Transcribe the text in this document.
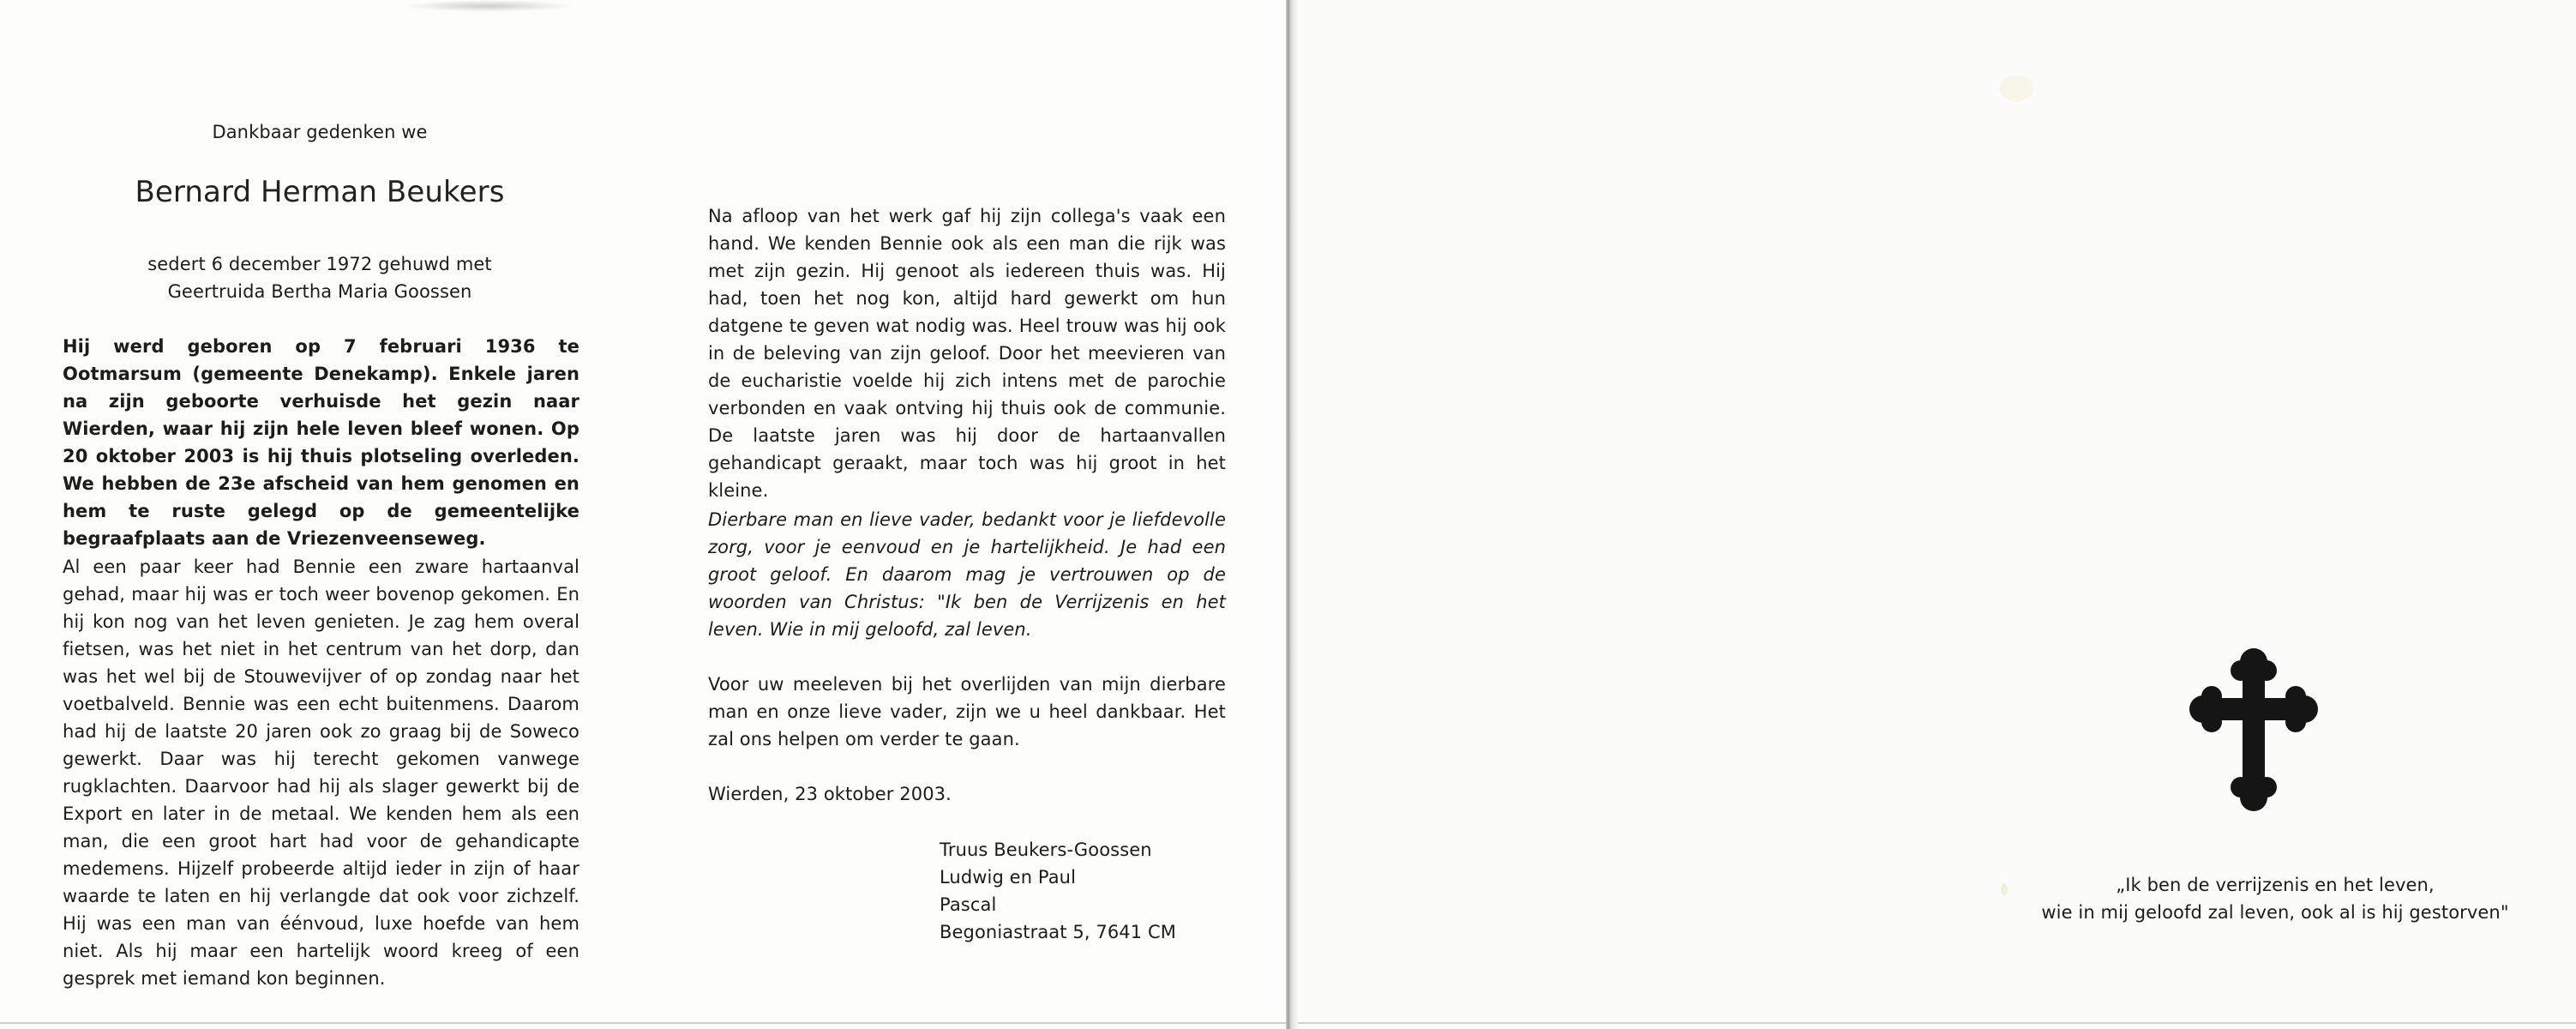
Dankbaar gedenken we
Bernard Herman Beukers
sedert 6 december 1972 gehuwd met
Geertruida Bertha Maria Goossen
Hij werd geboren op 7 februari 1936 te Ootmarsum (gemeente Denekamp). Enkele jaren na zijn geboorte verhuisde het gezin naar Wierden, waar hij zijn hele leven bleef wonen. Op 20 oktober 2003 is hij thuis plotseling overleden. We hebben de 23e afscheid van hem genomen en hem te ruste gelegd op de gemeentelijke begraafplaats aan de Vriezenveenseweg.
Al een paar keer had Bennie een zware hartaanval gehad, maar hij was er toch weer bovenop gekomen. En hij kon nog van het leven genieten. Je zag hem overal fietsen, was het niet in het centrum van het dorp, dan was het wel bij de Stouwevijver of op zondag naar het voetbalveld. Bennie was een echt buitenmens. Daarom had hij de laatste 20 jaren ook zo graag bij de Soweco gewerkt. Daar was hij terecht gekomen vanwege rugklachten. Daarvoor had hij als slager gewerkt bij de Export en later in de metaal. We kenden hem als een man, die een groot hart had voor de gehandicapte medemens. Hijzelf probeerde altijd ieder in zijn of haar waarde te laten en hij verlangde dat ook voor zichzelf. Hij was een man van éénvoud, luxe hoefde van hem niet. Als hij maar een hartelijk woord kreeg of een gesprek met iemand kon beginnen.
Na afloop van het werk gaf hij zijn collega's vaak een hand. We kenden Bennie ook als een man die rijk was met zijn gezin. Hij genoot als iedereen thuis was. Hij had, toen het nog kon, altijd hard gewerkt om hun datgene te geven wat nodig was. Heel trouw was hij ook in de beleving van zijn geloof. Door het meevieren van de eucharistie voelde hij zich intens met de parochie verbonden en vaak ontving hij thuis ook de communie. De laatste jaren was hij door de hartaanvallen gehandicapt geraakt, maar toch was hij groot in het kleine.
Dierbare man en lieve vader, bedankt voor je liefdevolle zorg, voor je eenvoud en je hartelijkheid. Je had een groot geloof. En daarom mag je vertrouwen op de woorden van Christus: "Ik ben de Verrijzenis en het leven. Wie in mij geloofd, zal leven.
Voor uw meeleven bij het overlijden van mijn dierbare man en onze lieve vader, zijn we u heel dankbaar. Het zal ons helpen om verder te gaan.
Wierden, 23 oktober 2003.
Truus Beukers-Goossen
Ludwig en Paul
Pascal
Begoniastraat 5, 7641 CM
„Ik ben de verrijzenis en het leven,
wie in mij geloofd zal leven, ook al is hij gestorven"
